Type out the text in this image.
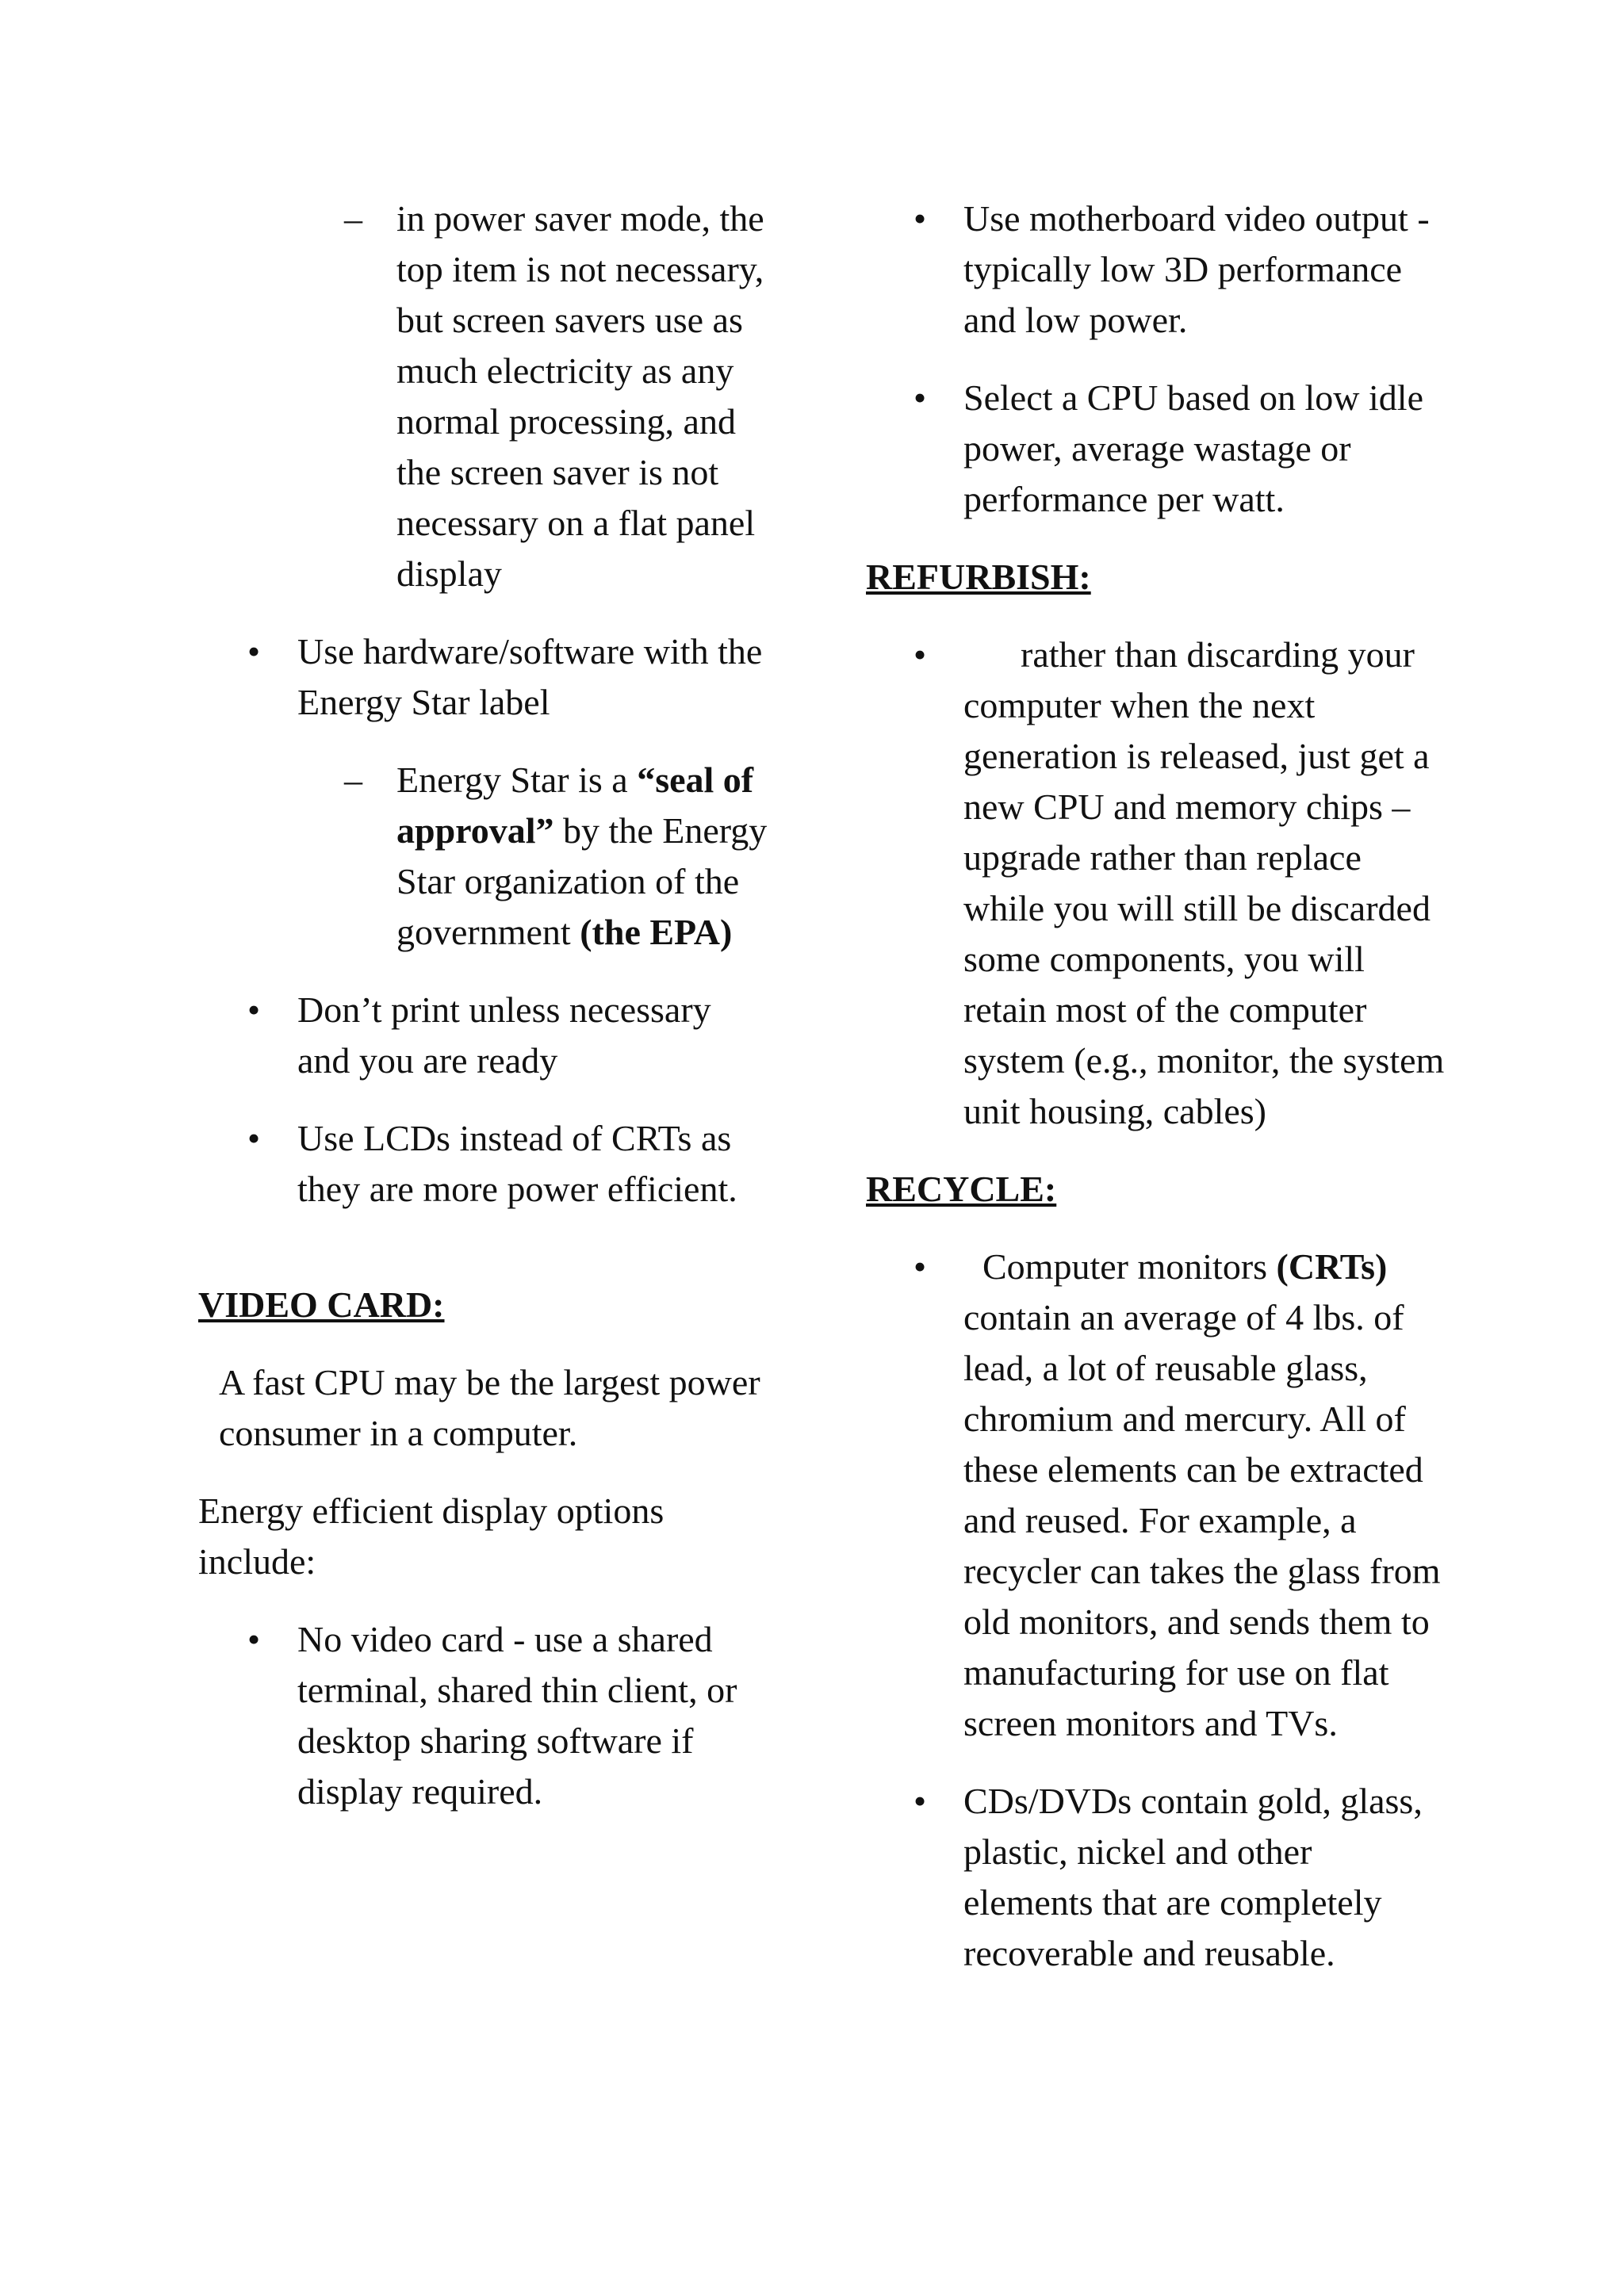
– in power saver mode, the top item is not necessary, but screen savers use as much electricity as any normal processing, and the screen saver is not necessary on a flat panel display
• Use hardware/software with the Energy Star label
– Energy Star is a “seal of approval” by the Energy Star organization of the government (the EPA)
• Don’t print unless necessary and you are ready
• Use LCDs instead of CRTs as they are more power efficient.
VIDEO CARD:
A fast CPU may be the largest power consumer in a computer.
Energy efficient display options include:
• No video card - use a shared terminal, shared thin client, or desktop sharing software if display required.
• Use motherboard video output - typically low 3D performance and low power.
• Select a CPU based on low idle power, average wastage or performance per watt.
REFURBISH:
•	rather than discarding your computer when the next generation is released, just get a new CPU and memory chips – upgrade rather than replace while you will still be discarded some components, you will retain most of the computer system (e.g., monitor, the system unit housing, cables)
RECYCLE:
•	Computer monitors (CRTs) contain an average of 4 lbs. of lead, a lot of reusable glass, chromium and mercury. All of these elements can be extracted and reused. For example, a recycler can takes the glass from old monitors, and sends them to manufacturing for use on flat screen monitors and TVs.
• CDs/DVDs contain gold, glass, plastic, nickel and other elements that are completely recoverable and reusable.
